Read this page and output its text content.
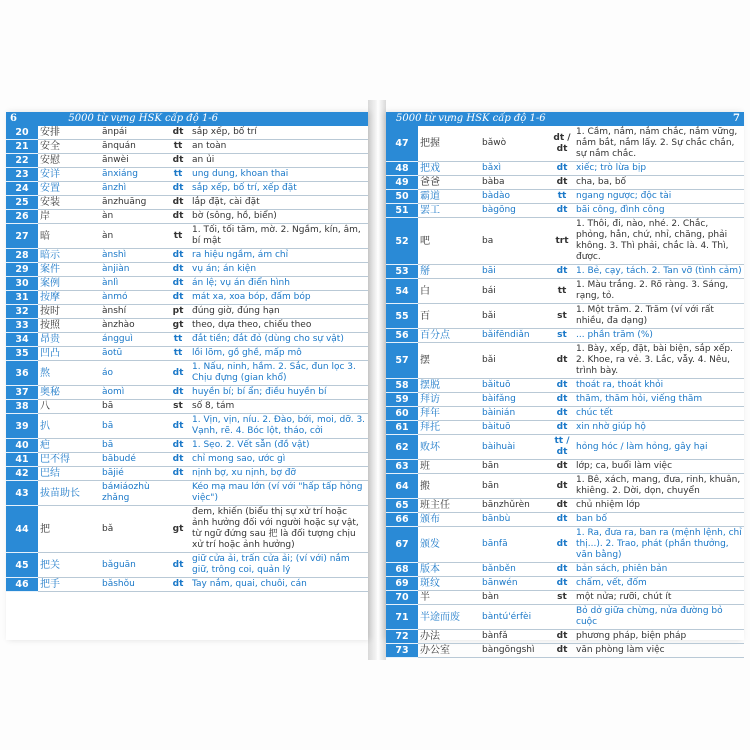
6	5000 từ vựng HSK cấp độ 1-6
20	安排	ānpái	dt	sắp xếp, bố trí
21	安全	ānquán	tt	an toàn
22	安慰	ānwèi	dt	an ủi
23	安详	ānxiáng	tt	ung dung, khoan thai
24	安置	ānzhì	dt	sắp xếp, bố trí, xếp đặt
25	安装	ānzhuāng	dt	lắp đặt, cài đặt
26	岸	àn	dt	bờ (sông, hồ, biển)
27	暗	àn	tt	1. Tối, tối tăm, mờ. 2. Ngầm, kín, âm, bí mật
28	暗示	ànshì	dt	ra hiệu ngầm, ám chỉ
29	案件	ànjiàn	dt	vụ án; án kiện
30	案例	ànlì	dt	án lệ; vụ án điển hình
31	按摩	ànmó	dt	mát xa, xoa bóp, đấm bóp
32	按时	ànshí	pt	đúng giờ, đúng hạn
33	按照	ànzhào	gt	theo, dựa theo, chiếu theo
34	昂贵	ángguì	tt	đắt tiền; đắt đỏ (dùng cho sự vật)
35	凹凸	āotū	tt	lồi lõm, gồ ghề, mấp mô
36	熬	áo	dt	1. Nấu, ninh, hầm. 2. Sắc, đun lọc 3. Chịu đựng (gian khổ)
37	奥秘	àomì	dt	huyền bí; bí ẩn; điều huyền bí
38	八	bā	st	số 8, tám
39	扒	bā	dt	1. Vịn, vịn, níu. 2. Đào, bới, moi, dỡ. 3. Vạnh, rẽ. 4. Bóc lột, tháo, cởi
40	疤	bā	dt	1. Sẹo. 2. Vết sẫn (đồ vật)
41	巴不得	bābudé	dt	chỉ mong sao, ước gì
42	巴结	bājié	dt	nịnh bợ, xu nịnh, bợ đỡ
43	拔苗助长	báміáozhù zhǎng		Kéo mạ mau lớn (ví với "hấp tấp hỏng việc")
44	把	bǎ	gt	đem, khiến (biểu thị sự xử trí hoặc ảnh hưởng đối với người hoặc sự vật, từ ngữ đứng sau 把 là đối tượng chịu xử trí hoặc ảnh hưởng)
45	把关	bǎguān	dt	giữ cửa ải, trấn cửa ải; (ví với) nắm giữ, trông coi, quản lý
46	把手	bǎshǒu	dt	Tay nắm, quai, chuôi, cán
5000 từ vựng HSK cấp độ 1-6	7
47	把握	bǎwò	dt / dt	1. Cầm, nắm, nắm chắc, nắm vững, nắm bắt, nắm lấy. 2. Sự chắc chắn, sự nắm chắc.
48	把戏	bǎxì	dt	xiếc; trò lừa bịp
49	爸爸	bàba	dt	cha, ba, bố
50	霸道	bàdào	tt	ngang ngược; độc tài
51	罢工	bàgōng	dt	bãi công, đình công
52	吧	ba	trt	1. Thôi, đi, nào, nhé. 2. Chắc, phỏng, hẳn, chứ, nhỉ, chăng, phải không. 3. Thì phải, chắc là. 4. Thì, được.
53	掰	bāi	dt	1. Bẻ, cạy, tách. 2. Tan vỡ (tình cảm)
54	白	bái	tt	1. Màu trắng. 2. Rõ ràng. 3. Sáng, rạng, tỏ.
55	百	bǎi	st	1. Một trăm. 2. Trăm (ví với rất nhiều, đa dạng)
56	百分点	bǎifēndiǎn	st	... phần trăm (%)
57	摆	bǎi	dt	1. Bày, xếp, đặt, bài biện, sắp xếp. 2. Khoe, ra vẻ. 3. Lắc, vẫy. 4. Nêu, trình bày.
58	摆脱	bǎituō	dt	thoát ra, thoát khỏi
59	拜访	bàifǎng	dt	thăm, thăm hỏi, viếng thăm
60	拜年	bàinián	dt	chúc tết
61	拜托	bàituō	dt	xin nhờ giúp hộ
62	败坏	bàihuài	tt / dt	hỏng hóc / làm hỏng, gây hại
63	班	bān	dt	lớp; ca, buổi làm việc
64	搬	bān	dt	1. Bê, xách, mang, đưa, rinh, khuân, khiêng. 2. Dời, dọn, chuyển
65	班主任	bānzhǔrèn	dt	chủ nhiệm lớp
66	颁布	bānbù	dt	ban bố
67	颁发	bānfā	dt	1. Ra, đưa ra, ban ra (mệnh lệnh, chỉ thị...). 2. Trao, phát (phần thưởng, văn bằng)
68	版本	bǎnběn	dt	bản sách, phiên bản
69	斑纹	bānwén	dt	chấm, vết, đốm
70	半	bàn	st	một nửa; rưỡi, chút ít
71	半途而废	bàntú'érfèi		Bỏ dở giữa chừng, nửa đường bỏ cuộc
72	办法	bànfǎ	dt	phương pháp, biện pháp
73	办公室	bàngōngshì	dt	văn phòng làm việc
